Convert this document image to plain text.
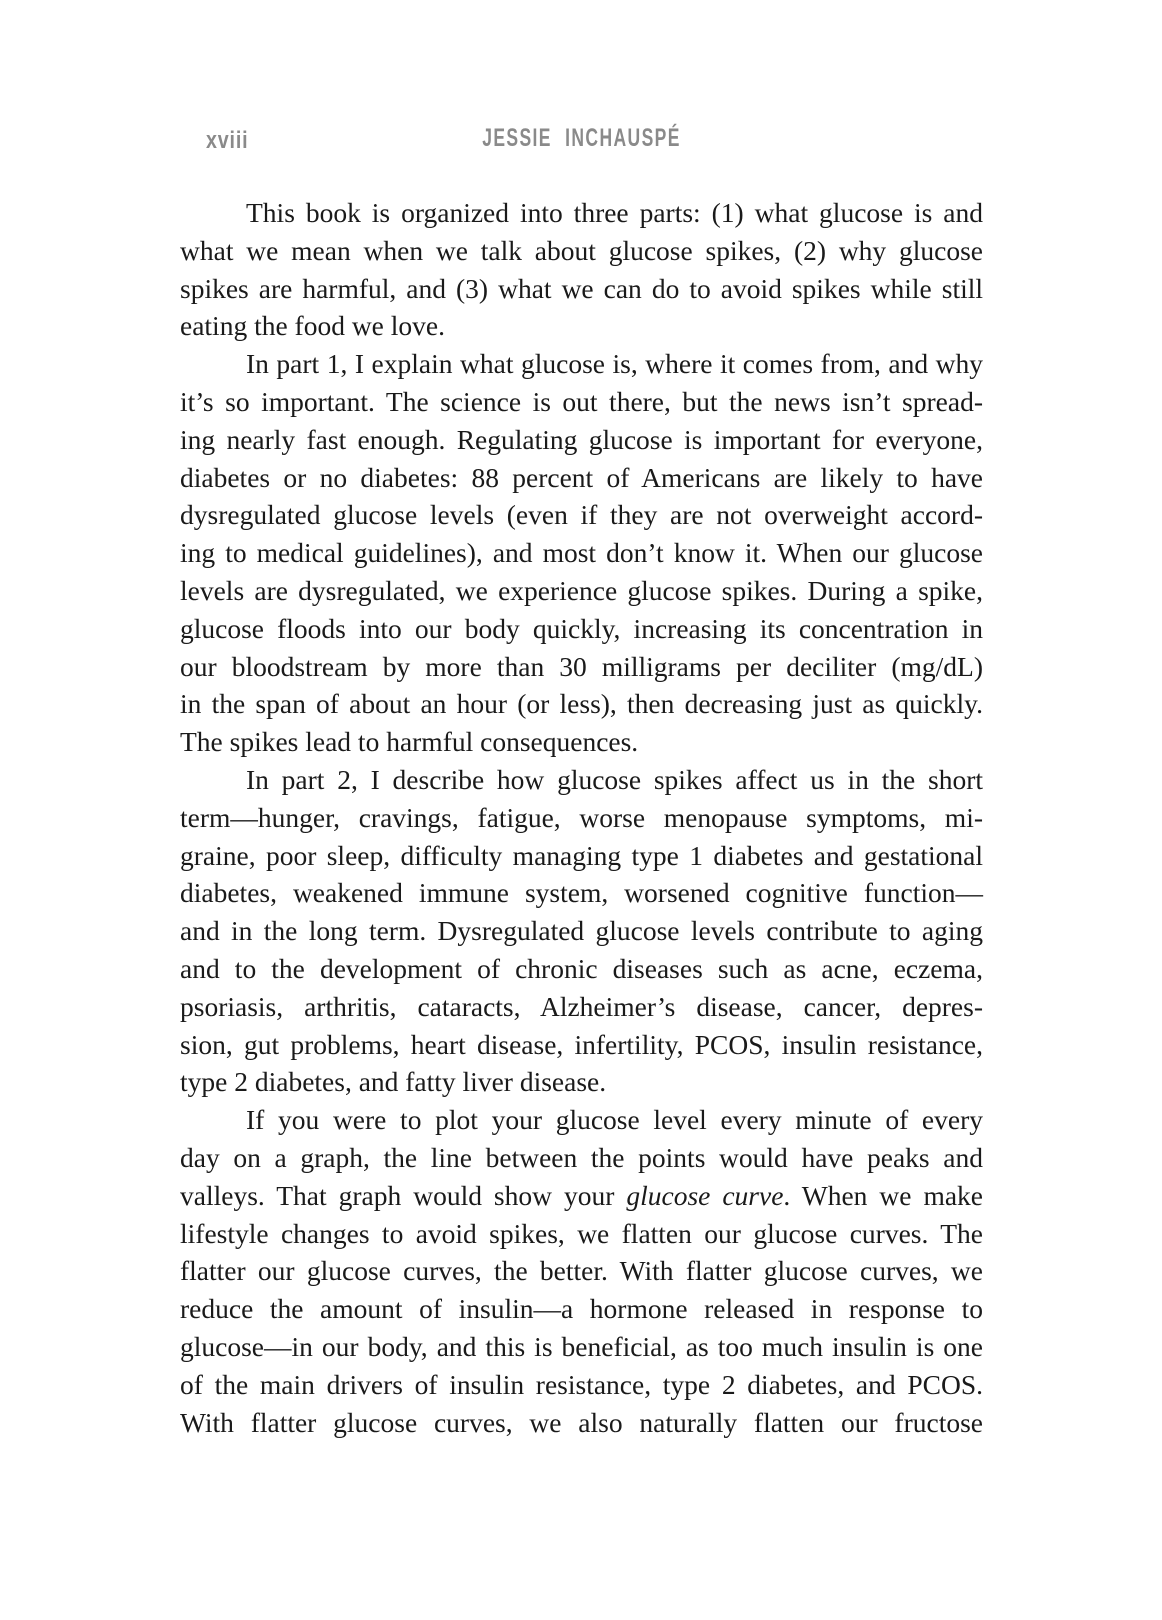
xviii	JESSIE INCHAUSPÉ
This book is organized into three parts: (1) what glucose is and
what we mean when we talk about glucose spikes, (2) why glucose
spikes are harmful, and (3) what we can do to avoid spikes while still
eating the food we love.
In part 1, I explain what glucose is, where it comes from, and why
it’s so important. The science is out there, but the news isn’t spread-
ing nearly fast enough. Regulating glucose is important for everyone,
diabetes or no diabetes: 88 percent of Americans are likely to have
dysregulated glucose levels (even if they are not overweight accord-
ing to medical guidelines), and most don’t know it. When our glucose
levels are dysregulated, we experience glucose spikes. During a spike,
glucose floods into our body quickly, increasing its concentration in
our bloodstream by more than 30 milligrams per deciliter (mg/dL)
in the span of about an hour (or less), then decreasing just as quickly.
The spikes lead to harmful consequences.
In part 2, I describe how glucose spikes affect us in the short
term—hunger, cravings, fatigue, worse menopause symptoms, mi-
graine, poor sleep, difficulty managing type 1 diabetes and gestational
diabetes, weakened immune system, worsened cognitive function—
and in the long term. Dysregulated glucose levels contribute to aging
and to the development of chronic diseases such as acne, eczema,
psoriasis, arthritis, cataracts, Alzheimer’s disease, cancer, depres-
sion, gut problems, heart disease, infertility, PCOS, insulin resistance,
type 2 diabetes, and fatty liver disease.
If you were to plot your glucose level every minute of every
day on a graph, the line between the points would have peaks and
valleys. That graph would show your glucose curve. When we make
lifestyle changes to avoid spikes, we flatten our glucose curves. The
flatter our glucose curves, the better. With flatter glucose curves, we
reduce the amount of insulin—a hormone released in response to
glucose—in our body, and this is beneficial, as too much insulin is one
of the main drivers of insulin resistance, type 2 diabetes, and PCOS.
With flatter glucose curves, we also naturally flatten our fructose
